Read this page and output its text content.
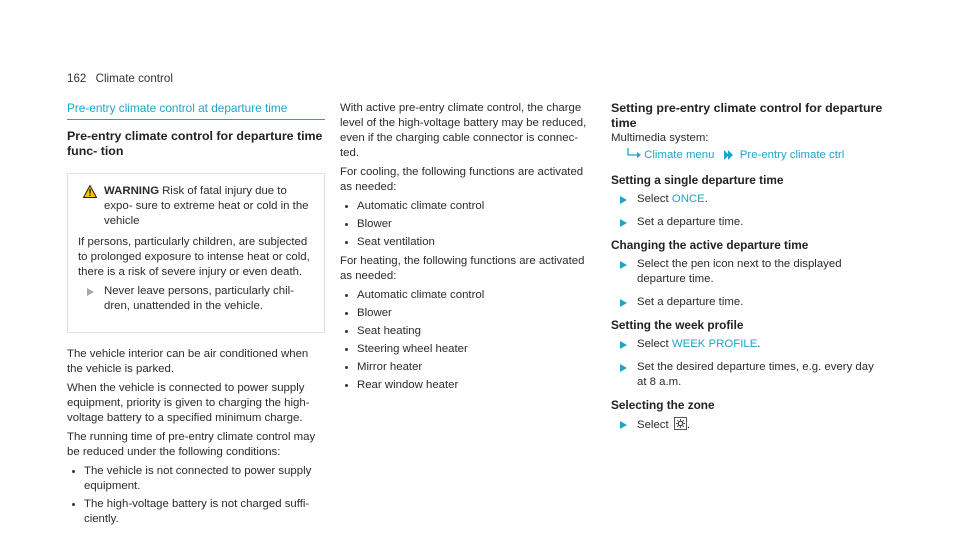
162 Climate control
Pre-entry climate control at departure time
Pre-entry climate control for departure time func- tion
WARNING Risk of fatal injury due to expo- sure to extreme heat or cold in the vehicle

If persons, particularly children, are subjected to prolonged exposure to intense heat or cold, there is a risk of severe injury or even death.

Never leave persons, particularly chil- dren, unattended in the vehicle.

The vehicle interior can be air conditioned when the vehicle is parked.

When the vehicle is connected to power supply equipment, priority is given to charging the high- voltage battery to a specified minimum charge.

The running time of pre-entry climate control may be reduced under the following conditions:

The vehicle is not connected to power supply equipment.
The high-voltage battery is not charged suffi- ciently.

With active pre-entry climate control, the charge level of the high-voltage battery may be reduced, even if the charging cable connector is connec- ted.

For cooling, the following functions are activated as needed:

Automatic climate control
Blower
Seat ventilation

For heating, the following functions are activated as needed:

Automatic climate control
Blower
Seat heating
Steering wheel heater
Mirror heater
Rear window heater
Setting pre-entry climate control for departure time

Multimedia system:

Climate menu Pre-entry climate ctrl
Setting a single departure time
Select ONCE.
Set a departure time.
Changing the active departure time
Select the pen icon next to the displayed departure time.
Set a departure time.
Setting the week profile
Select WEEK PROFILE.
Set the desired departure times, e.g. every day at 8 a.m.
Selecting the zone
Select .
